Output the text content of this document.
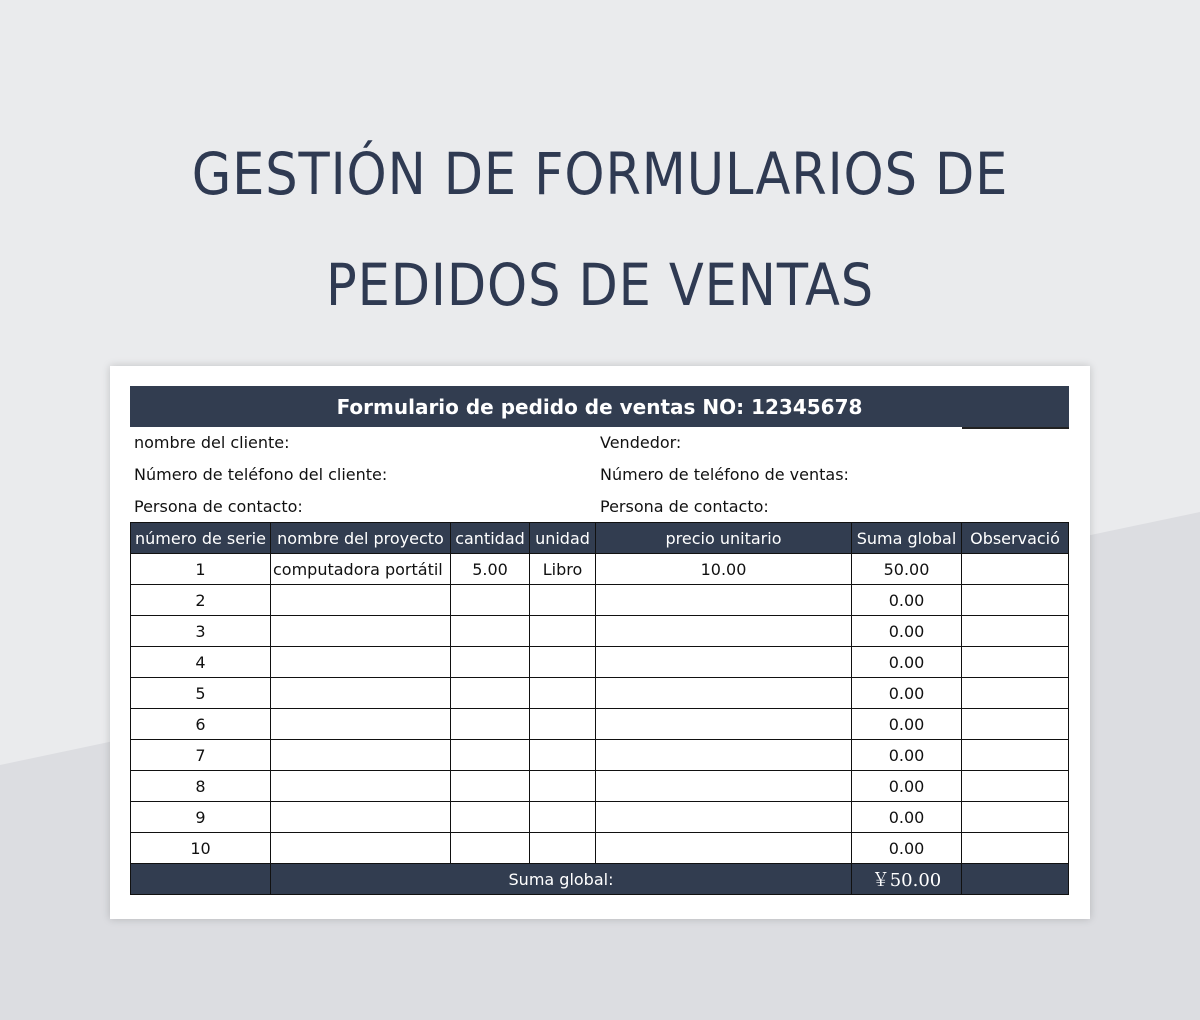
GESTIÓN DE FORMULARIOS DE
PEDIDOS DE VENTAS
Formulario de pedido de ventas NO: 12345678
nombre del cliente:
Número de teléfono del cliente:
Persona de contacto:
Vendedor:
Número de teléfono de ventas:
Persona de contacto:
número de serie	nombre del proyecto	cantidad	unidad	precio unitario	Suma global	Observació
1	computadora portátil	5.00	Libro	10.00	50.00	
2					0.00	
3					0.00	
4					0.00	
5					0.00	
6					0.00	
7					0.00	
8					0.00	
9					0.00	
10					0.00	
	Suma global:				￥50.00	
